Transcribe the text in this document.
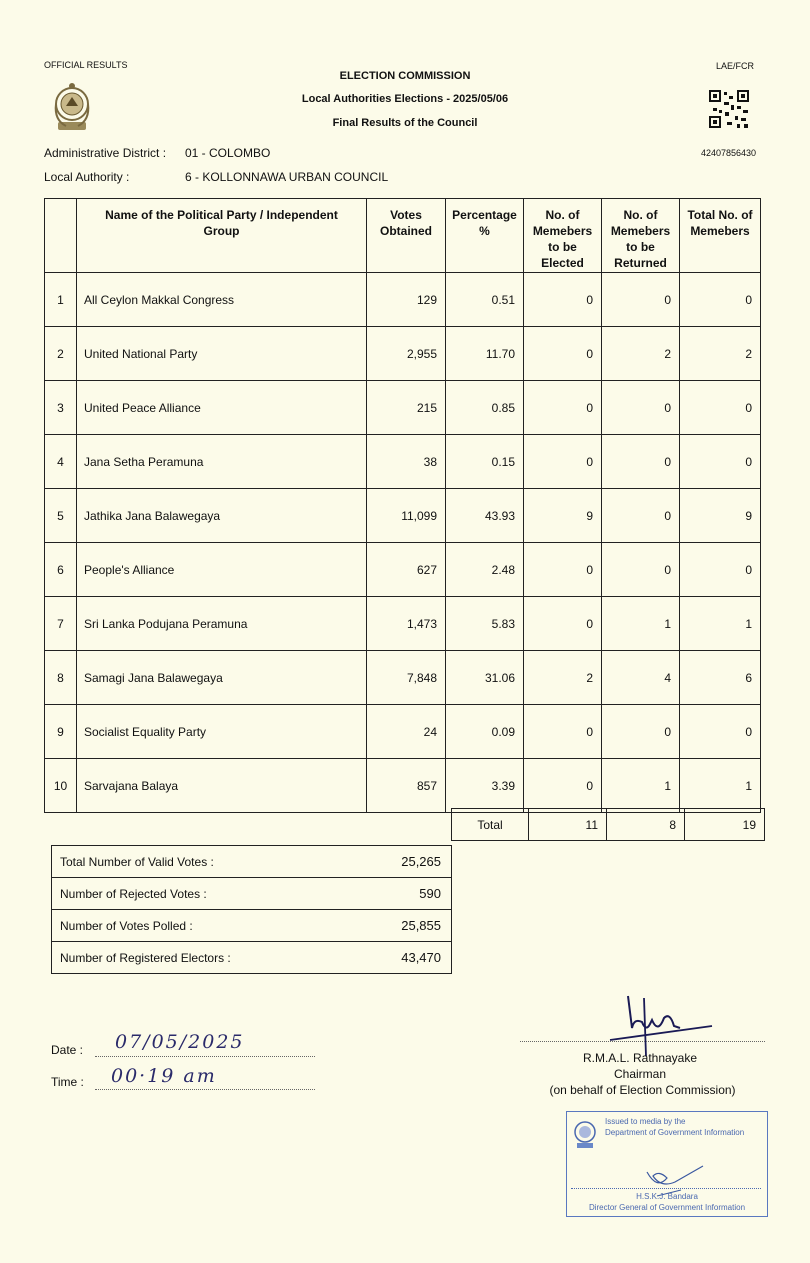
OFFICIAL RESULTS	LAE/FCR
ELECTION COMMISSION
Local Authorities Elections - 2025/05/06
Final Results of the Council
42407856430
Administrative District : 01 - COLOMBO
Local Authority :	6 - KOLLONNAWA URBAN COUNCIL
	Name of the Political Party / Independent Group	Votes Obtained	Percentage %	No. of Memebers to be Elected	No. of Memebers to be Returned	Total No. of Memebers
1	All Ceylon Makkal Congress	129	0.51	0	0	0
2	United National Party	2,955	11.70	0	2	2
3	United Peace Alliance	215	0.85	0	0	0
4	Jana Setha Peramuna	38	0.15	0	0	0
5	Jathika Jana Balawegaya	11,099	43.93	9	0	9
6	People's Alliance	627	2.48	0	0	0
7	Sri Lanka Podujana Peramuna	1,473	5.83	0	1	1
8	Samagi Jana Balawegaya	7,848	31.06	2	4	6
9	Socialist Equality Party	24	0.09	0	0	0
10	Sarvajana Balaya	857	3.39	0	1	1
Total	11	8	19
Total Number of Valid Votes :	25,265
Number of Rejected Votes :	590
Number of Votes Polled :	25,855
Number of Registered Electors :	43,470
Date : 07/05/2025
Time : 00·19 am
R.M.A.L. Rathnayake
Chairman
(on behalf of Election Commission)
Issued to media by the
Department of Government Information
H.S.K.J. Bandara
Director General of Government Information
